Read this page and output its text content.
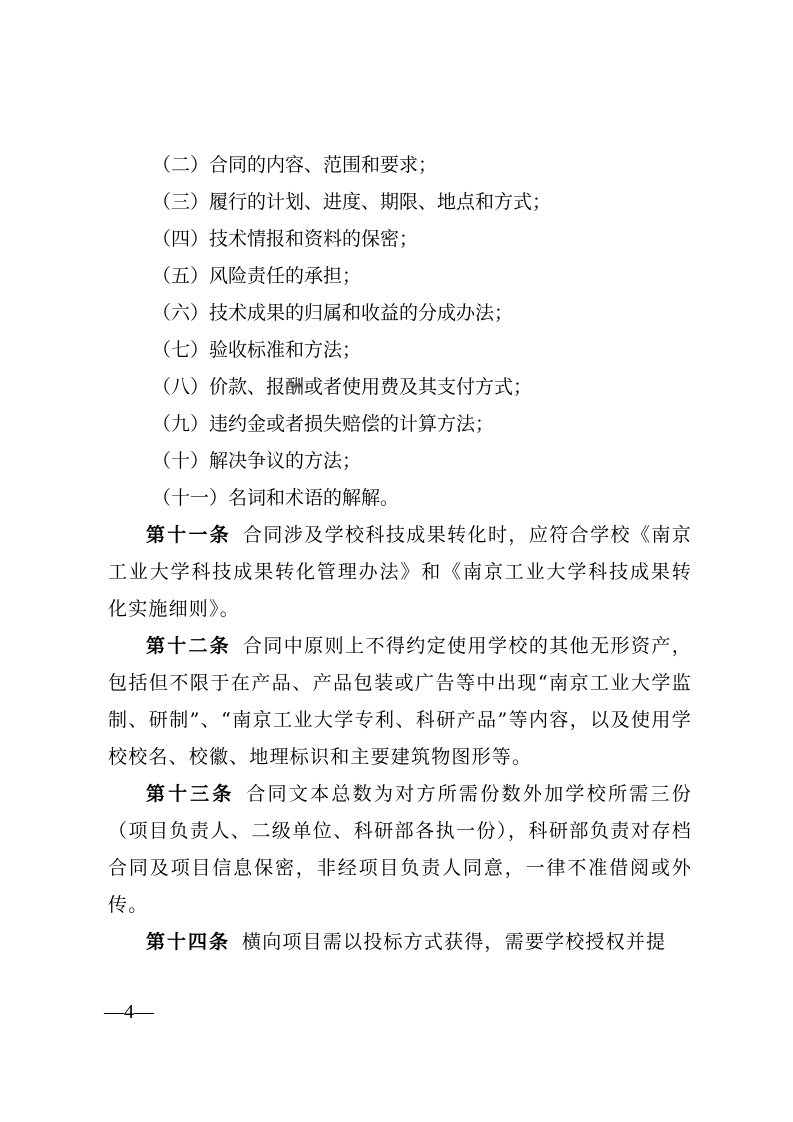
（二）合同的内容、范围和要求；
（三）履行的计划、进度、期限、地点和方式；
（四）技术情报和资料的保密；
（五）风险责任的承担；
（六）技术成果的归属和收益的分成办法；
（七）验收标准和方法；
（八）价款、报酬或者使用费及其支付方式；
（九）违约金或者损失赔偿的计算方法；
（十）解决争议的方法；
（十一）名词和术语的解解。

第十一条 合同涉及学校科技成果转化时，应符合学校《南京工业大学科技成果转化管理办法》和《南京工业大学科技成果转化实施细则》。

第十二条 合同中原则上不得约定使用学校的其他无形资产，包括但不限于在产品、产品包装或广告等中出现“南京工业大学监制、研制”、“南京工业大学专利、科研产品”等内容，以及使用学校校名、校徽、地理标识和主要建筑物图形等。

第十三条 合同文本总数为对方所需份数外加学校所需三份（项目负责人、二级单位、科研部各执一份），科研部负责对存档合同及项目信息保密，非经项目负责人同意，一律不准借阅或外传。

第十四条 横向项目需以投标方式获得，需要学校授权并提

—4—
